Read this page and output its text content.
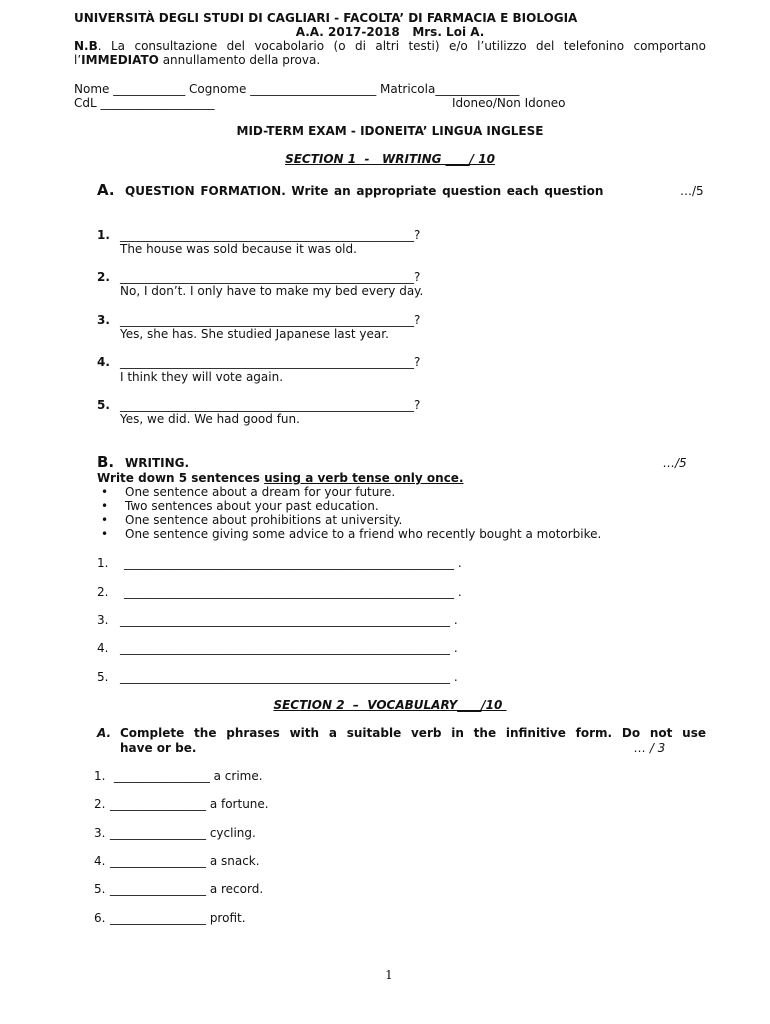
UNIVERSITÀ DEGLI STUDI DI CAGLIARI - FACOLTA’ DI FARMACIA E BIOLOGIA
A.A. 2017-2018   Mrs. Loi A.
N.B. La consultazione del vocabolario (o di altri testi) e/o l’utilizzo del telefonino comportano
l’IMMEDIATO annullamento della prova.
Nome ____________ Cognome _____________________ Matricola______________
CdL ___________________	Idoneo/Non Idoneo
MID-TERM EXAM - IDONEITA’ LINGUA INGLESE
SECTION 1  -   WRITING ____/ 10
A. QUESTION FORMATION. Write an appropriate question each question	…/5
1. _________________________________________________?
The house was sold because it was old.
2. _________________________________________________?
No, I don’t. I only have to make my bed every day.
3. _________________________________________________?
Yes, she has. She studied Japanese last year.
4. _________________________________________________?
I think they will vote again.
5. _________________________________________________?
Yes, we did. We had good fun.
B. WRITING.	…/5
Write down 5 sentences using a verb tense only once.
• One sentence about a dream for your future.
• Two sentences about your past education.
• One sentence about prohibitions at university.
• One sentence giving some advice to a friend who recently bought a motorbike.
1. _______________________________________________________ .
2. _______________________________________________________ .
3. _______________________________________________________ .
4. _______________________________________________________ .
5. _______________________________________________________ .
SECTION 2  –  VOCABULARY____/10
A. Complete the phrases with a suitable verb in the infinitive form. Do not use
have or be.	… / 3
1. ________________ a crime.
2. ________________ a fortune.
3. ________________ cycling.
4. ________________ a snack.
5. ________________ a record.
6. ________________ profit.
1
